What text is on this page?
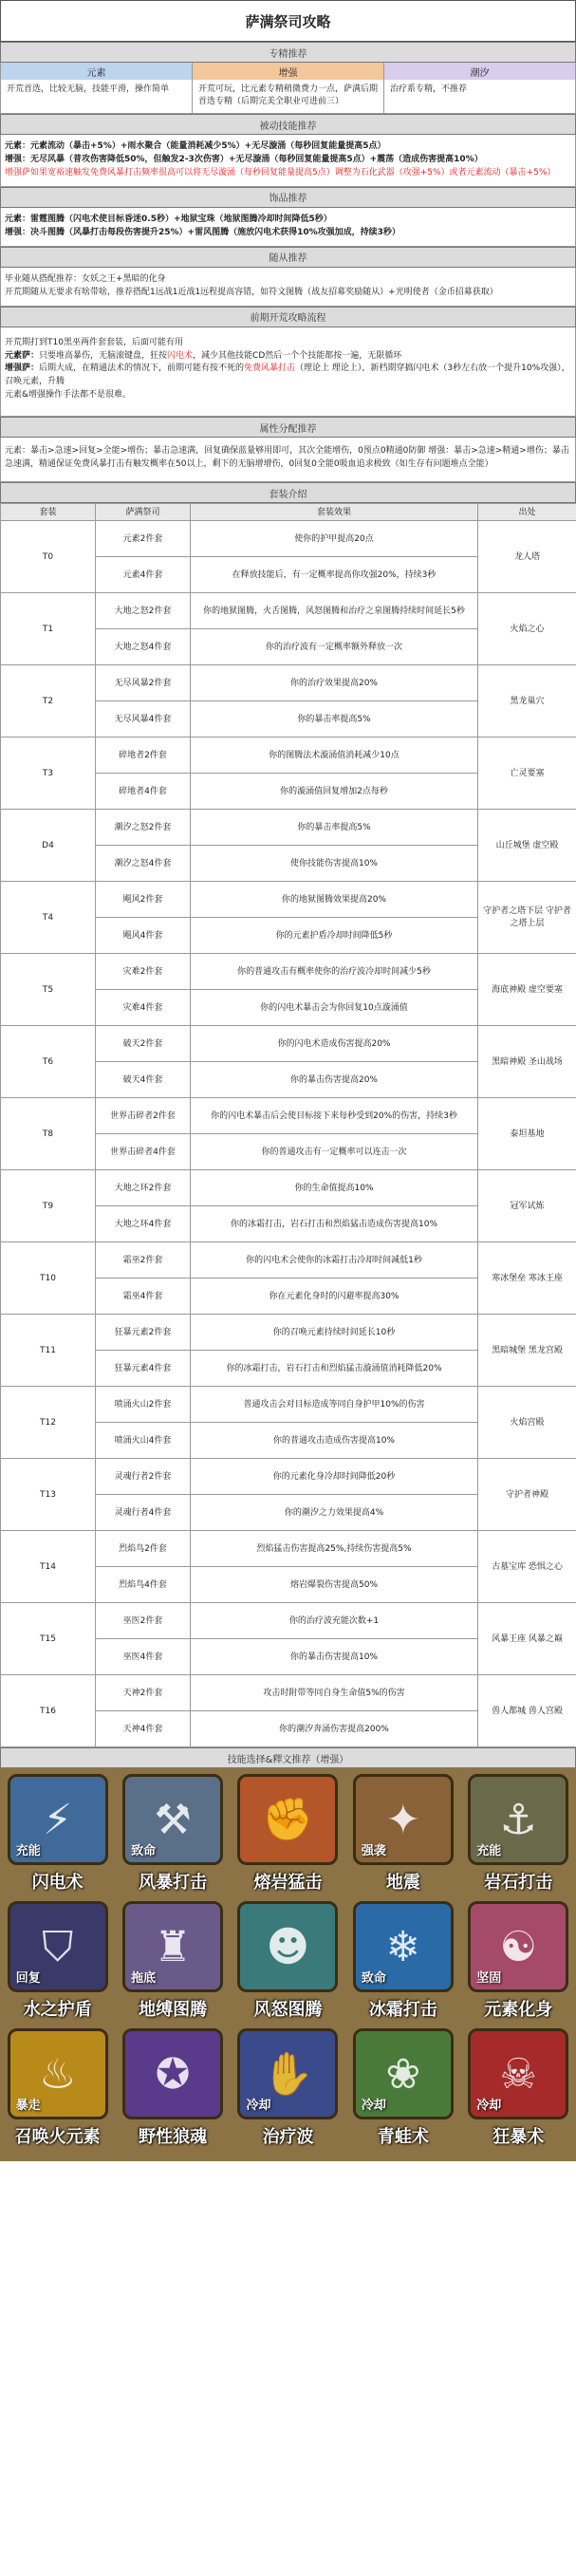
萨满祭司攻略
专精推荐
元素
开荒首选，比较无脑，技能平滑，操作简单
增强
开荒可玩，比元素专精稍微费力一点，萨满后期首选专精（后期完美全职业可进前三）
潮汐
治疗系专精，不推荐
被动技能推荐
元素：元素流动（暴击+5%）+雨水聚合（能量消耗减少5%）+无尽漩涌（每秒回复能量提高5点）
增强：无尽风暴（普攻伤害降低50%，但触发2-3次伤害）+无尽漩涌（每秒回复能量提高5点）+震荡（造成伤害提高10%）
增强萨如果宽裕速触发免费风暴打击频率很高可以将无尽漩涌（每秒回复能量提高5点）调整为石化武器（攻强+5%）或者元素流动（暴击+5%）
饰品推荐
元素：雷霆图腾（闪电术使目标昏迷0.5秒）+地狱宝珠（地狱图腾冷却时间降低5秒）
增强：决斗图腾（风暴打击每段伤害提升25%）+雷风图腾（施放闪电术获得10%攻强加成，持续3秒）
随从推荐
毕业随从搭配推荐：女妖之王+黑暗的化身
开荒期随从无要求有啥带啥，推荐搭配1远战1近战1远程提高容错，如符文图腾（战友招募奖励随从）+光明使者（金币招募获取）
前期开荒攻略流程
开荒期打到T10黑巫两件套套装，后面可能有用
元素萨：只要堆高暴伤，无脑滚键盘，狂按闪电术，减少其他技能CD然后一个个技能都按一遍，无限循环
增强萨：后期大成，在精通法术的情况下，前期可能有按不死的免费风暴打击（理论上 理论上），新档期穿搞闪电术（3秒左右放一个提升10%攻强），召唤元素，升腾
元素&增强操作手法都不是很难。
属性分配推荐
元素：暴击>急速>回复>全能>增伤；暴击急速满，回复确保蓝量够用即可，其次全能增伤，0预点0精通0防御 增强：暴击>急速>精通>增伤；暴击急速满，精通保证免费风暴打击有触发概率在50以上，剩下的无脑增增伤，0回复0全能0吸血追求极致（如生存有问题堆点全能）
套装介绍
套装	萨满祭司	套装效果	出处
T0	元素2件套	使你的护甲提高20点	龙人塔
	元素4件套	在释放技能后，有一定概率提高你攻强20%，持续3秒	
T1	大地之怒2件套	你的地狱图腾，火舌图腾，风怒图腾和治疗之泉图腾持续时间延长5秒	火焰之心
	大地之怒4件套	你的治疗波有一定概率额外释放一次	
T2	无尽风暴2件套	你的治疗效果提高20%	黑龙巢穴
	无尽风暴4件套	你的暴击率提高5%	
T3	碎地者2件套	你的图腾法术漩涌值消耗减少10点	亡灵要塞
	碎地者4件套	你的漩涌值回复增加2点每秒	
D4	潮汐之怒2件套	你的暴击率提高5%	山丘城堡 虚空殿
	潮汐之怒4件套	使你技能伤害提高10%	
T4	飓风2件套	你的地狱图腾效果提高20%	守护者之塔下层 守护者之塔上层
	飓风4件套	你的元素护盾冷却时间降低5秒	
T5	灾难2件套	你的普通攻击有概率使你的治疗波冷却时间减少5秒	海底神殿 虚空要塞
	灾难4件套	你的闪电术暴击会为你回复10点漩涌值	
T6	破天2件套	你的闪电术造成伤害提高20%	黑暗神殿 圣山战场
	破天4件套	你的暴击伤害提高20%	
T8	世界击碎者2件套	你的闪电术暴击后会使目标接下来每秒受到20%的伤害，持续3秒	泰坦基地
	世界击碎者4件套	你的普通攻击有一定概率可以连击一次	
T9	大地之环2件套	你的生命值提高10%	冠军试炼
	大地之环4件套	你的冰霜打击，岩石打击和烈焰猛击造成伤害提高10%	
T10	霜巫2件套	你的闪电术会使你的冰霜打击冷却时间减低1秒	寒冰堡垒 寒冰王座
	霜巫4件套	你在元素化身时的闪避率提高30%	
T11	狂暴元素2件套	你的召唤元素持续时间延长10秒	黑暗城堡 黑龙宫殿
	狂暴元素4件套	你的冰霜打击，岩石打击和烈焰猛击漩涌值消耗降低20%	
T12	喷涌火山2件套	普通攻击会对目标造成等同自身护甲10%的伤害	火焰宫殿
	喷涌火山4件套	你的普通攻击造成伤害提高10%	
T13	灵魂行者2件套	你的元素化身冷却时间降低20秒	守护者神殿
	灵魂行者4件套	你的潮汐之力效果提高4%	
T14	烈焰鸟2件套	烈焰猛击伤害提高25%,持续伤害提高5%	古墓宝库 恐惧之心
	烈焰鸟4件套	熔岩爆裂伤害提高50%	
T15	巫医2件套	你的治疗波充能次数+1	风暴王座 风暴之巅
	巫医4件套	你的暴击伤害提高10%	
T16	天神2件套	攻击时附带等同自身生命值5%的伤害	兽人都城 兽人宫殿
	天神4件套	你的潮汐奔涌伤害提高200%	
技能选择&釋文推荐（增强）
⚡
充能
闪电术
⚒
致命
风暴打击
✊
熔岩猛击
✦
强袭
地震
⚓
充能
岩石打击
⛉
回复
水之护盾
♜
拖底
地缚图腾
☻
风怒图腾
❄
致命
冰霜打击
☯
坚固
元素化身
♨
暴走
召唤火元素
✪
野性狼魂
✋
冷却
治疗波
❀
冷却
青蛙术
☠
冷却
狂暴术
